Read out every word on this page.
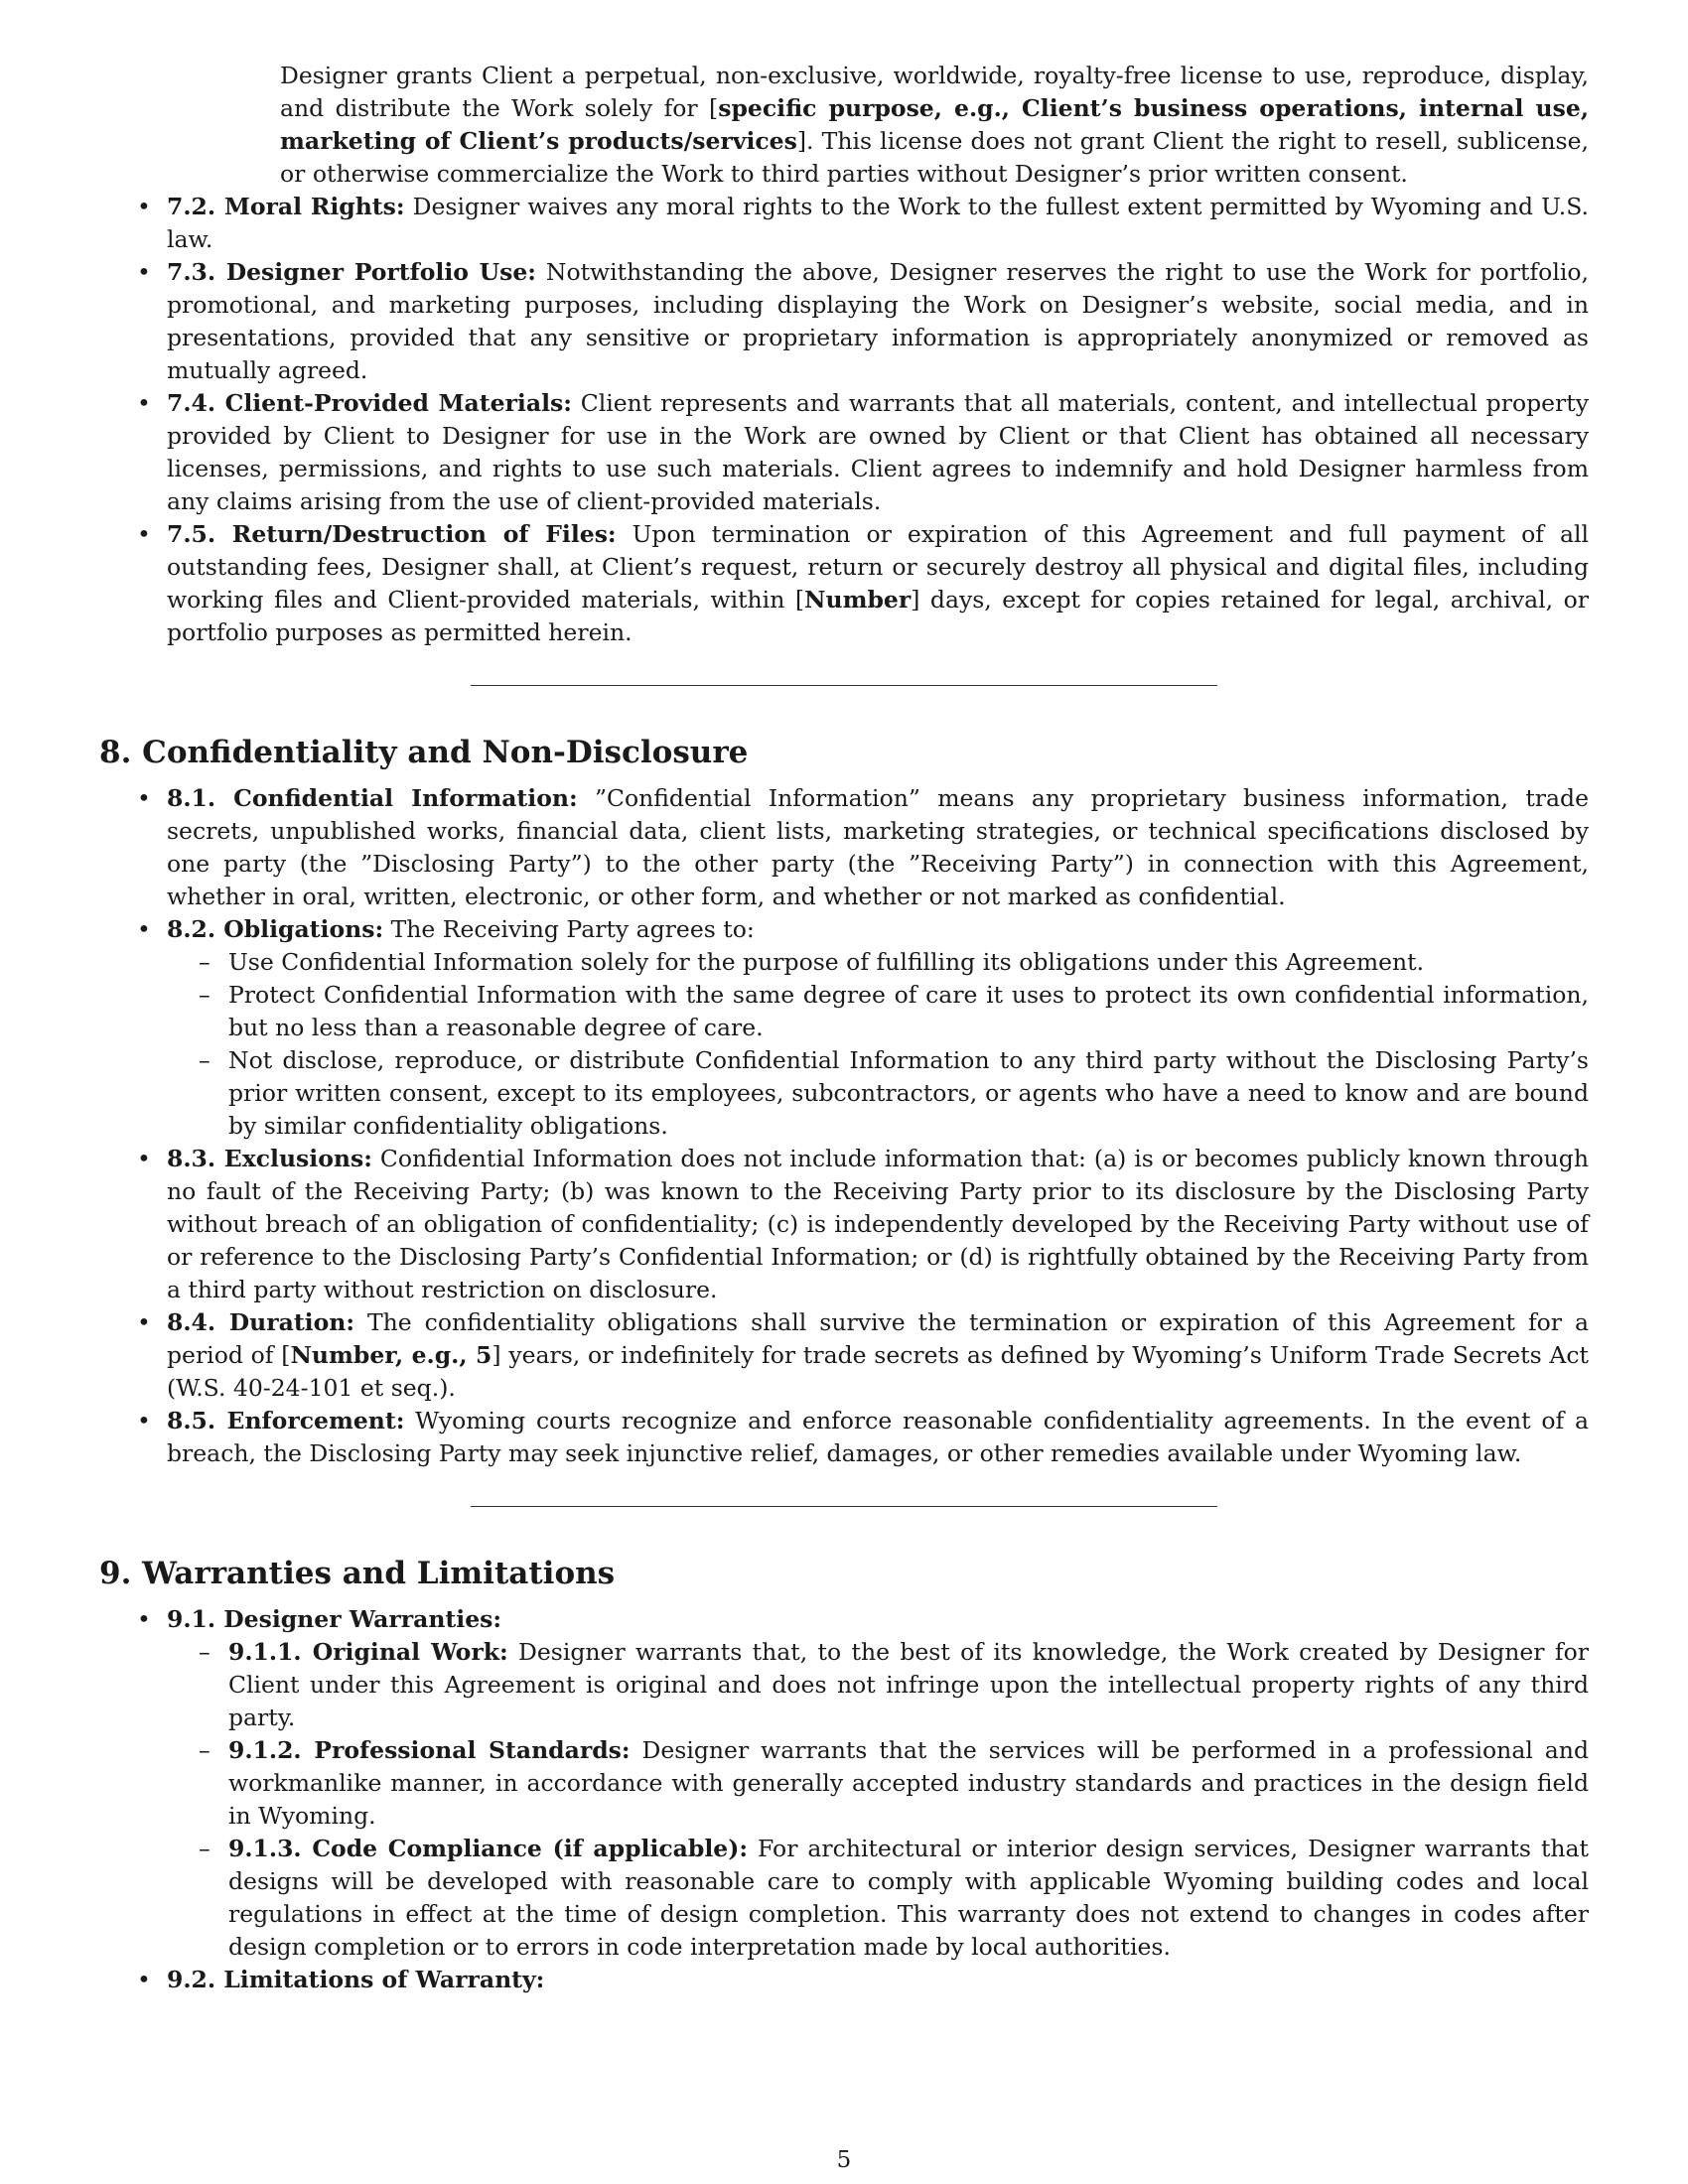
Designer grants Client a perpetual, non-exclusive, worldwide, royalty-free license to use, reproduce, display, and distribute the Work solely for [specific purpose, e.g., Client’s business operations, internal use, marketing of Client’s products/services]. This license does not grant Client the right to resell, sublicense, or otherwise commercialize the Work to third parties without Designer’s prior written consent.
• 7.2. Moral Rights: Designer waives any moral rights to the Work to the fullest extent permitted by Wyoming and U.S. law.
• 7.3. Designer Portfolio Use: Notwithstanding the above, Designer reserves the right to use the Work for portfolio, promotional, and marketing purposes, including displaying the Work on Designer’s website, social media, and in presentations, provided that any sensitive or proprietary information is appropriately anonymized or removed as mutually agreed.
• 7.4. Client-Provided Materials: Client represents and warrants that all materials, content, and intellectual property provided by Client to Designer for use in the Work are owned by Client or that Client has obtained all necessary licenses, permissions, and rights to use such materials. Client agrees to indemnify and hold Designer harmless from any claims arising from the use of client-provided materials.
• 7.5. Return/Destruction of Files: Upon termination or expiration of this Agreement and full payment of all outstanding fees, Designer shall, at Client’s request, return or securely destroy all physical and digital files, including working files and Client-provided materials, within [Number] days, except for copies retained for legal, archival, or portfolio purposes as permitted herein.
8. Confidentiality and Non-Disclosure
• 8.1. Confidential Information: ”Confidential Information” means any proprietary business information, trade secrets, unpublished works, financial data, client lists, marketing strategies, or technical specifications disclosed by one party (the ”Disclosing Party”) to the other party (the ”Receiving Party”) in connection with this Agreement, whether in oral, written, electronic, or other form, and whether or not marked as confidential.
• 8.2. Obligations: The Receiving Party agrees to:
– Use Confidential Information solely for the purpose of fulfilling its obligations under this Agreement.
– Protect Confidential Information with the same degree of care it uses to protect its own confidential information, but no less than a reasonable degree of care.
– Not disclose, reproduce, or distribute Confidential Information to any third party without the Disclosing Party’s prior written consent, except to its employees, subcontractors, or agents who have a need to know and are bound by similar confidentiality obligations.
• 8.3. Exclusions: Confidential Information does not include information that: (a) is or becomes publicly known through no fault of the Receiving Party; (b) was known to the Receiving Party prior to its disclosure by the Disclosing Party without breach of an obligation of confidentiality; (c) is independently developed by the Receiving Party without use of or reference to the Disclosing Party’s Confidential Information; or (d) is rightfully obtained by the Receiving Party from a third party without restriction on disclosure.
• 8.4. Duration: The confidentiality obligations shall survive the termination or expiration of this Agreement for a period of [Number, e.g., 5] years, or indefinitely for trade secrets as defined by Wyoming’s Uniform Trade Secrets Act (W.S. 40-24-101 et seq.).
• 8.5. Enforcement: Wyoming courts recognize and enforce reasonable confidentiality agreements. In the event of a breach, the Disclosing Party may seek injunctive relief, damages, or other remedies available under Wyoming law.
9. Warranties and Limitations
• 9.1. Designer Warranties:
– 9.1.1. Original Work: Designer warrants that, to the best of its knowledge, the Work created by Designer for Client under this Agreement is original and does not infringe upon the intellectual property rights of any third party.
– 9.1.2. Professional Standards: Designer warrants that the services will be performed in a professional and workmanlike manner, in accordance with generally accepted industry standards and practices in the design field in Wyoming.
– 9.1.3. Code Compliance (if applicable): For architectural or interior design services, Designer warrants that designs will be developed with reasonable care to comply with applicable Wyoming building codes and local regulations in effect at the time of design completion. This warranty does not extend to changes in codes after design completion or to errors in code interpretation made by local authorities.
• 9.2. Limitations of Warranty:
5
